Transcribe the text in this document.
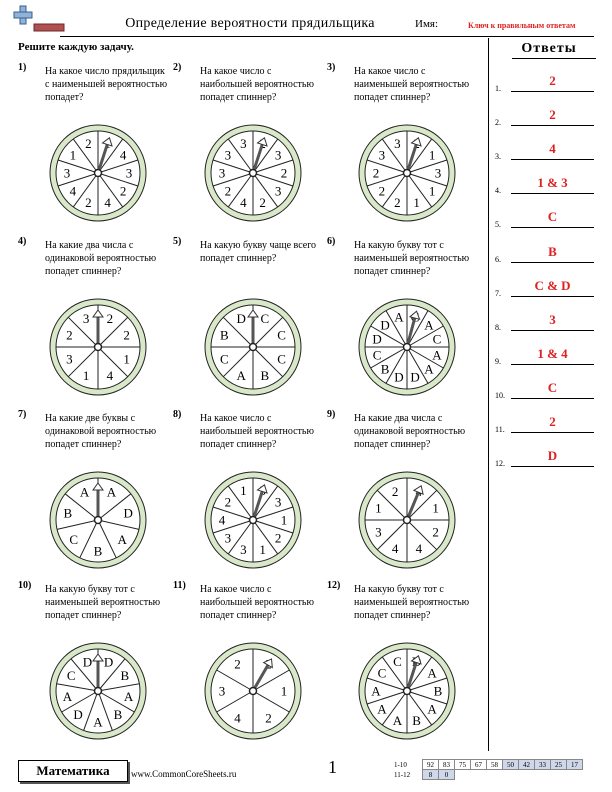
Определение вероятности прядильщика	Имя:	Ключ к правильным ответам
Решите каждую задачу.	Ответы
1.
2
2.
2
3.
4
4.
1 & 3
5.
C
6.
B
7.
C & D
8.
3
9.
1 & 4
10.
C
11.
2
12.
D
1) На какое число прядильщик с наименьшей вероятностью попадет?
4
3
2
4
2
4
3
1
2
2) На какое число с наибольшей вероятностью попадет спиннер?
3
2
3
2
4
2
3
3
3
3) На какое число с наименьшей вероятностью попадет спиннер?
1
3
1
1
2
2
2
3
3
4) На какие два числа с одинаковой вероятностью попадет спиннер?
2
2
1
4
1
3
2
3
5) На какую букву чаще всего попадет спиннер?
C
C
C
B
A
C
B
D
6) На какую букву тот с наименьшей вероятностью попадет спиннер?
A
C
A
A
D
D
B
C
D
D
A
7) На какие две буквы с одинаковой вероятностью попадет спиннер?
A
D
A
B
C
B
A
8) На какое число с наибольшей вероятностью попадет спиннер?
3
1
2
1
3
3
4
2
1
9) На какие два числа с одинаковой вероятностью попадет спиннер?
1
2
4
4
3
1
2
10) На какую букву тот с наименьшей вероятностью попадет спиннер?
D
B
A
B
A
D
A
C
D
11) На какое число с наибольшей вероятностью попадет спиннер?
1
2
4
3
2
12) На какую букву тот с наименьшей вероятностью попадет спиннер?
A
B
A
B
A
A
A
C
C
Математика	www.CommonCoreSheets.ru	1	1-10	92	83	75	67	58	50	42	33	25	17
11-12	8	0								
